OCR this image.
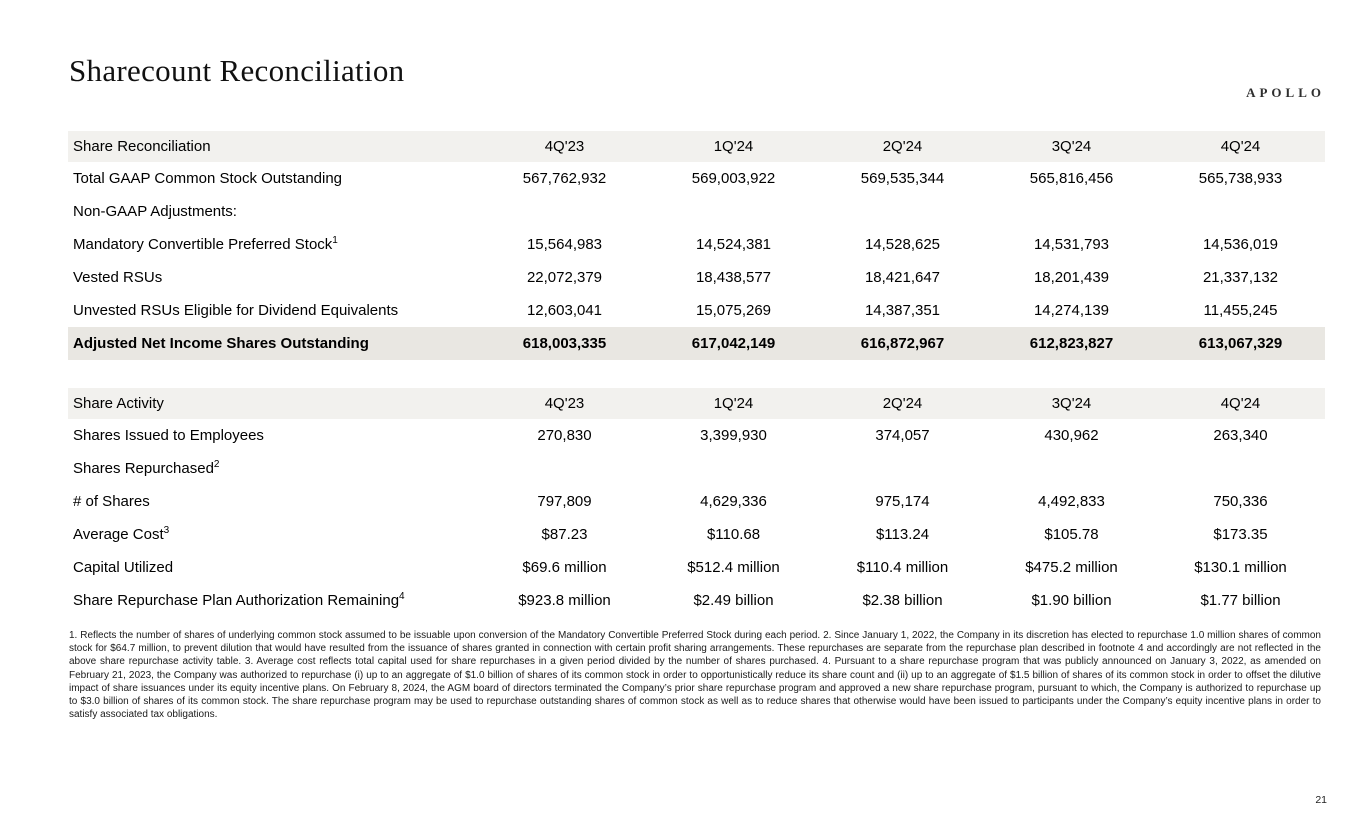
APOLLO
Sharecount Reconciliation
Share Reconciliation	4Q'23	1Q'24	2Q'24	3Q'24	4Q'24
Total GAAP Common Stock Outstanding	567,762,932	569,003,922	569,535,344	565,816,456	565,738,933
Non-GAAP Adjustments:					
Mandatory Convertible Preferred Stock$^1$	15,564,983	14,524,381	14,528,625	14,531,793	14,536,019
Vested RSUs	22,072,379	18,438,577	18,421,647	18,201,439	21,337,132
Unvested RSUs Eligible for Dividend Equivalents	12,603,041	15,075,269	14,387,351	14,274,139	11,455,245
Adjusted Net Income Shares Outstanding	618,003,335	617,042,149	616,872,967	612,823,827	613,067,329
Share Activity	4Q'23	1Q'24	2Q'24	3Q'24	4Q'24
Shares Issued to Employees	270,830	3,399,930	374,057	430,962	263,340
Shares Repurchased$^2$					
# of Shares	797,809	4,629,336	975,174	4,492,833	750,336
Average Cost$^3$	$87.23	$110.68	$113.24	$105.78	$173.35
Capital Utilized	$69.6 million	$512.4 million	$110.4 million	$475.2 million	$130.1 million
Share Repurchase Plan Authorization Remaining$^4$	$923.8 million	$2.49 billion	$2.38 billion	$1.90 billion	$1.77 billion

1. Reflects the number of shares of underlying common stock assumed to be issuable upon conversion of the Mandatory Convertible Preferred Stock during each period. 2. Since January 1, 2022, the Company in its discretion has elected to repurchase 1.0 million shares of common stock for $64.7 million, to prevent dilution that would have resulted from the issuance of shares granted in connection with certain profit sharing arrangements. These repurchases are separate from the repurchase plan described in footnote 4 and accordingly are not reflected in the above share repurchase activity table. 3. Average cost reflects total capital used for share repurchases in a given period divided by the number of shares purchased. 4. Pursuant to a share repurchase program that was publicly announced on January 3, 2022, as amended on February 21, 2023, the Company was authorized to repurchase (i) up to an aggregate of $1.0 billion of shares of its common stock in order to opportunistically reduce its share count and (ii) up to an aggregate of $1.5 billion of shares of its common stock in order to offset the dilutive impact of share issuances under its equity incentive plans. On February 8, 2024, the AGM board of directors terminated the Company’s prior share repurchase program and approved a new share repurchase program, pursuant to which, the Company is authorized to repurchase up to $3.0 billion of shares of its common stock. The share repurchase program may be used to repurchase outstanding shares of common stock as well as to reduce shares that otherwise would have been issued to participants under the Company’s equity incentive plans in order to satisfy associated tax obligations.

21
